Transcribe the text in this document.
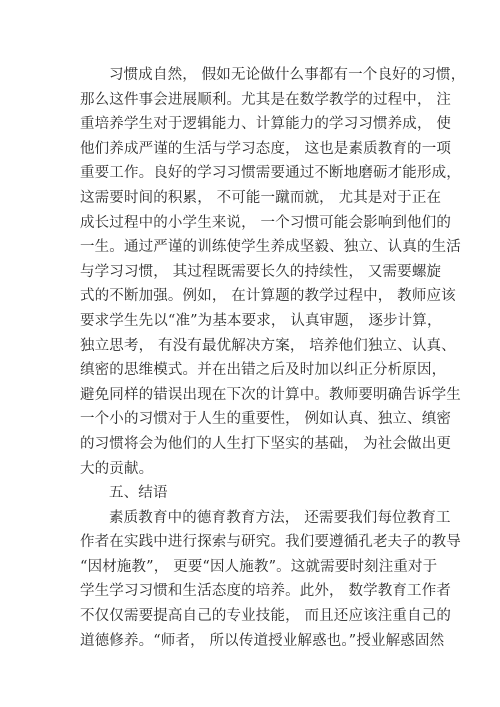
习惯成自然， 假如无论做什么事都有一个良好的习惯，
那么这件事会进展顺利。尤其是在数学教学的过程中， 注
重培养学生对于逻辑能力、计算能力的学习习惯养成， 使
他们养成严谨的生活与学习态度， 这也是素质教育的一项
重要工作。良好的学习习惯需要通过不断地磨砺才能形成，
这需要时间的积累， 不可能一蹴而就， 尤其是对于正在
成长过程中的小学生来说， 一个习惯可能会影响到他们的
一生。通过严谨的训练使学生养成坚毅、独立、认真的生活
与学习习惯， 其过程既需要长久的持续性， 又需要螺旋
式的不断加强。例如， 在计算题的教学过程中， 教师应该
要求学生先以“准”为基本要求， 认真审题， 逐步计算，
独立思考， 有没有最优解决方案， 培养他们独立、认真、
缜密的思维模式。并在出错之后及时加以纠正分析原因，
避免同样的错误出现在下次的计算中。教师要明确告诉学生
一个小的习惯对于人生的重要性， 例如认真、独立、缜密
的习惯将会为他们的人生打下坚实的基础， 为社会做出更
大的贡献。
五、结语
素质教育中的德育教育方法， 还需要我们每位教育工
作者在实践中进行探索与研究。我们要遵循孔老夫子的教导
“因材施教”， 更要“因人施教”。这就需要时刻注重对于
学生学习习惯和生活态度的培养。此外， 数学教育工作者
不仅仅需要提高自己的专业技能， 而且还应该注重自己的
道德修养。“师者， 所以传道授业解惑也。”授业解惑固然
